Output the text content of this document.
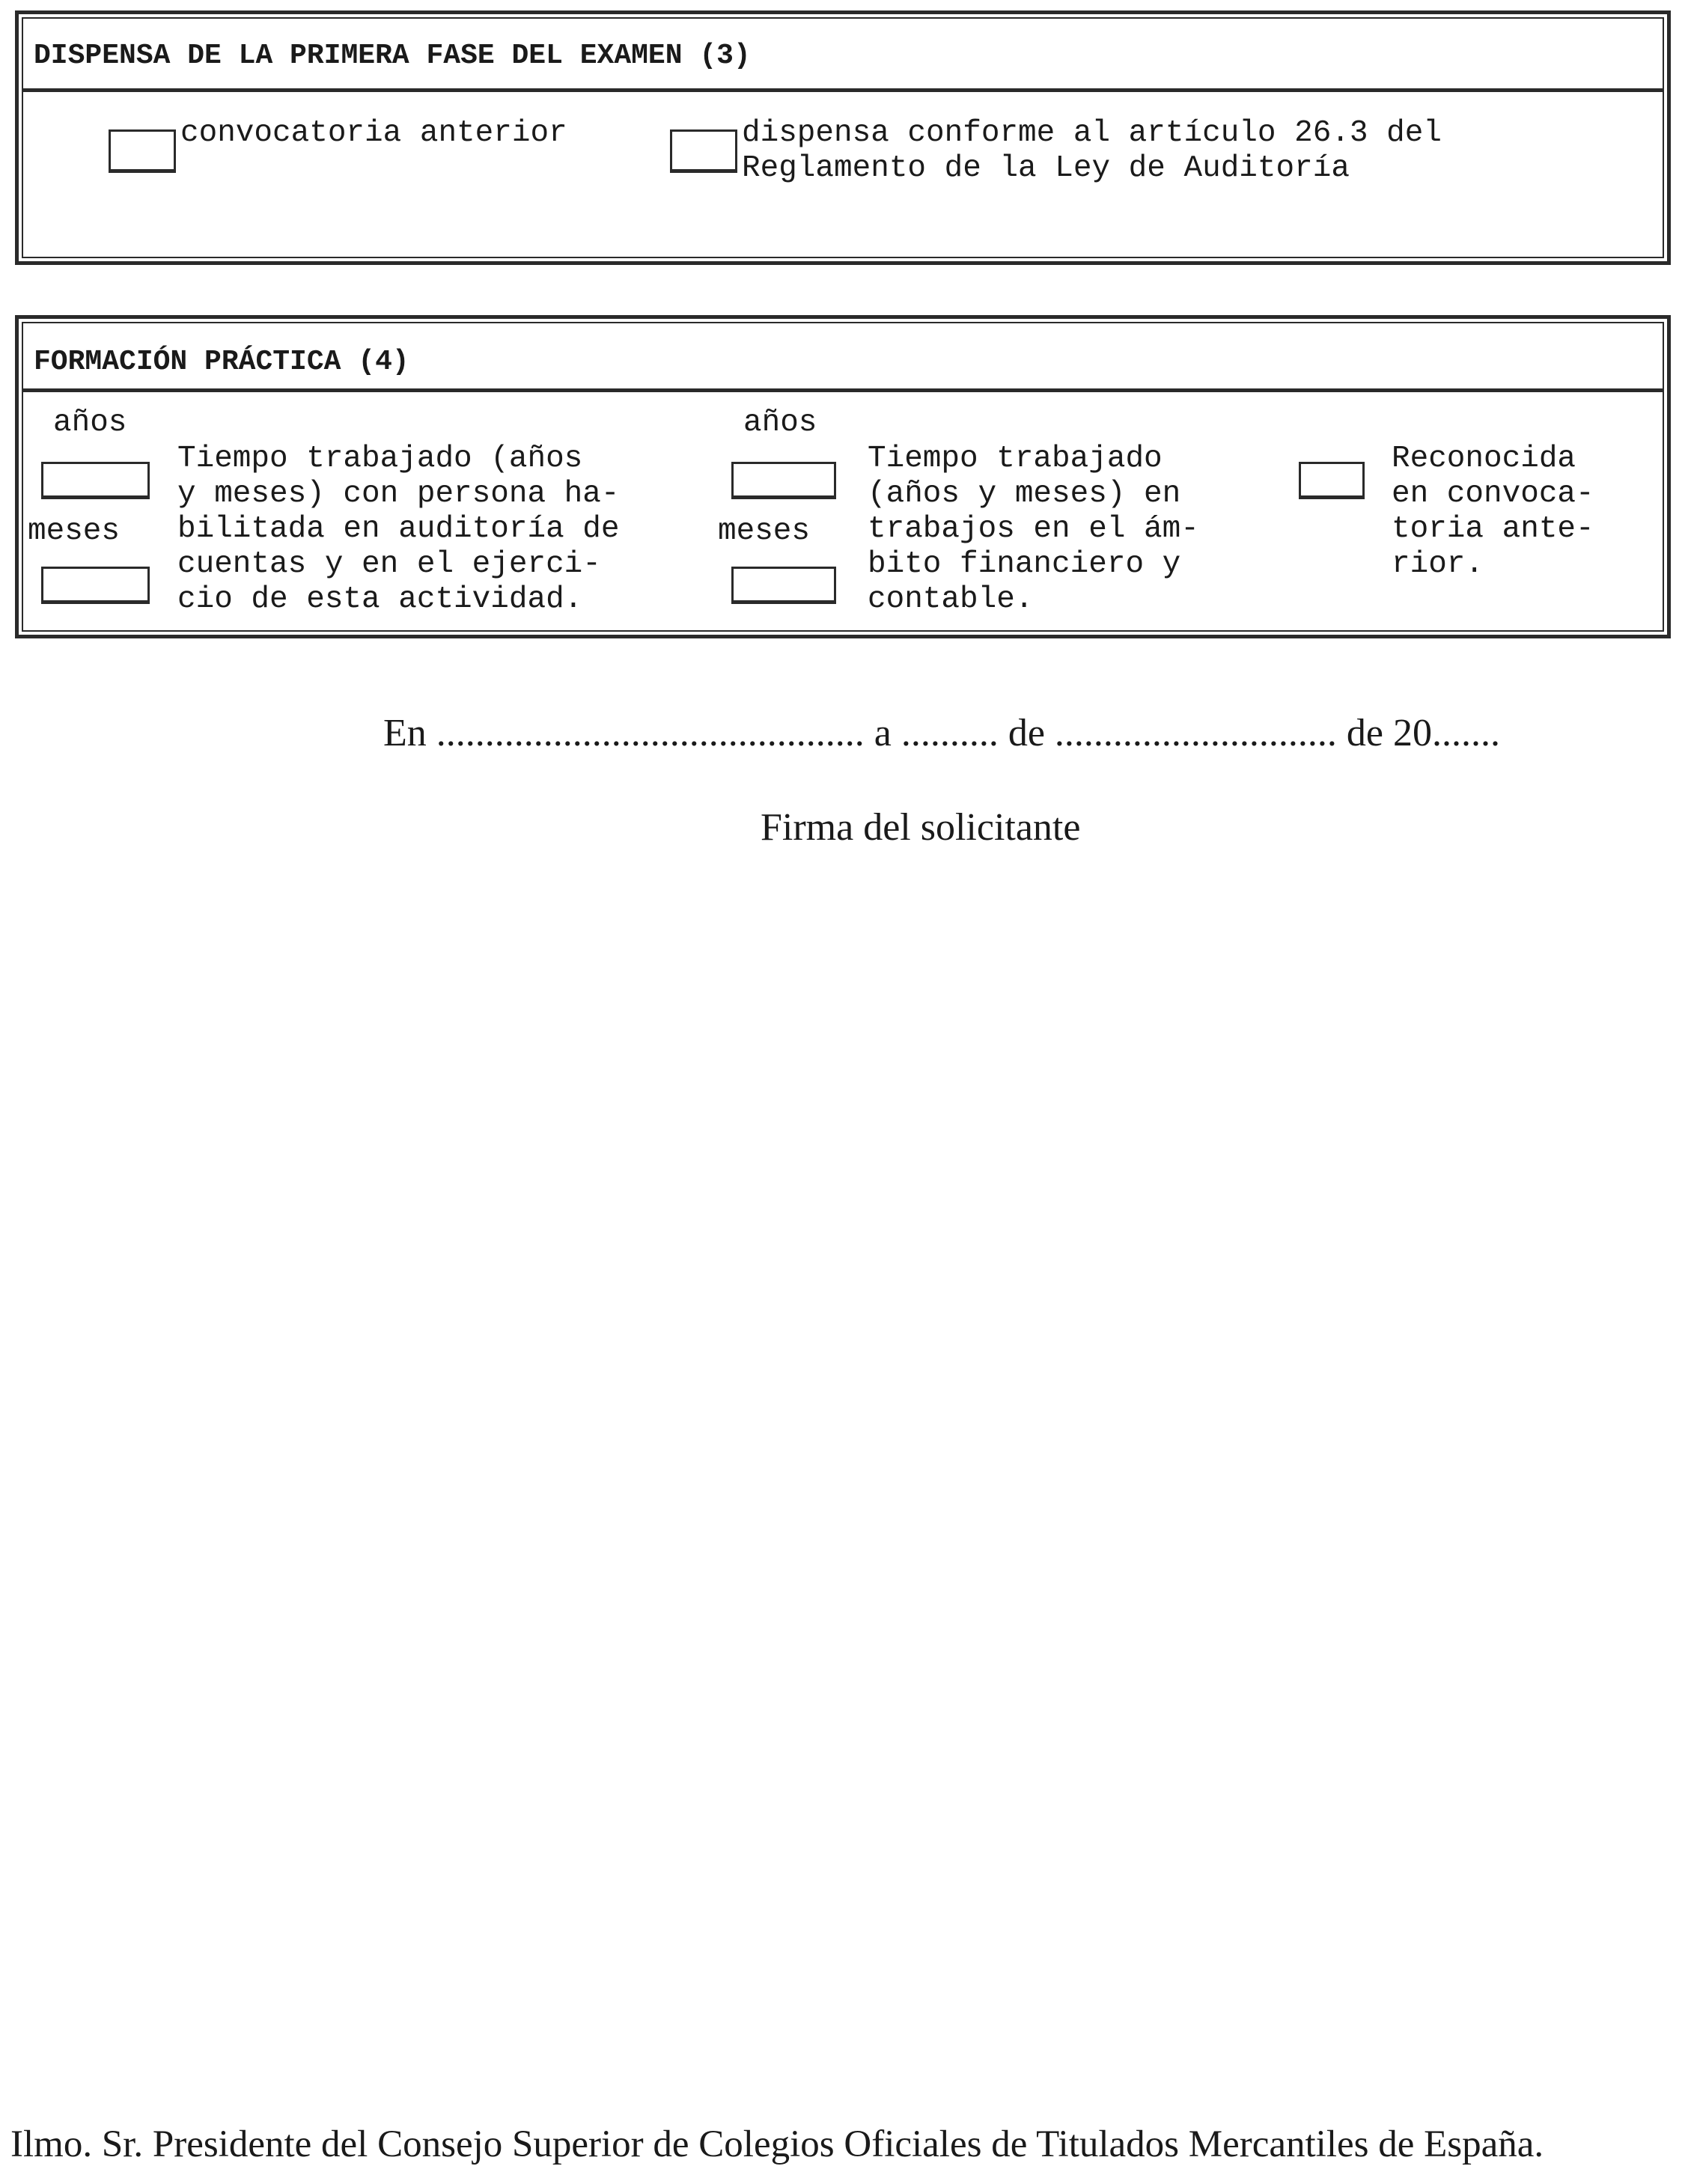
DISPENSA DE LA PRIMERA FASE DEL EXAMEN (3)
convocatoria anterior	dispensa conforme al artículo 26.3 del
Reglamento de la Ley de Auditoría
FORMACIÓN PRÁCTICA (4)
años
meses
Tiempo trabajado (años
y meses) con persona ha-
bilitada en auditoría de
cuentas y en el ejerci-
cio de esta actividad.
años
meses
Tiempo trabajado
(años y meses) en
trabajos en el ám-
bito financiero y
contable.
Reconocida
en convoca-
toria ante-
rior.
En ............................................ a .......... de ............................. de 20.......
Firma del solicitante
Ilmo. Sr. Presidente del Consejo Superior de Colegios Oficiales de Titulados Mercantiles de España.
